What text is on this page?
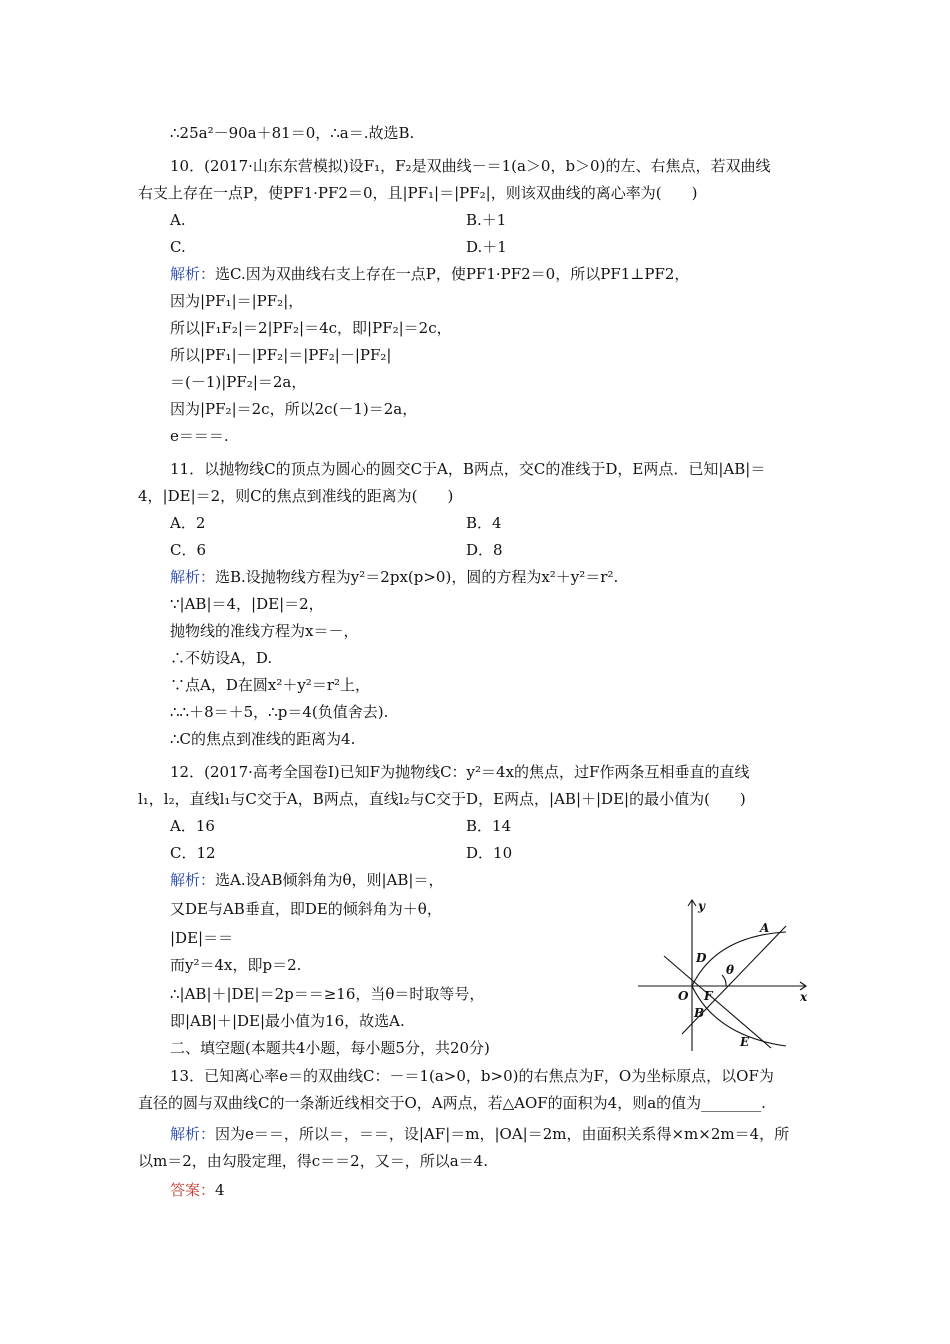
∴25a²－90a＋81＝0，∴a＝.故选B.
10．(2017·山东东营模拟)设F₁，F₂是双曲线－＝1(a＞0，b＞0)的左、右焦点，若双曲线
右支上存在一点P，使PF1·PF2＝0，且|PF₁|＝|PF₂|，则该双曲线的离心率为(　　)
A.	B.＋1
C.	D.＋1
解析：选C.因为双曲线右支上存在一点P，使PF1·PF2＝0，所以PF1⊥PF2，
因为|PF₁|＝|PF₂|，
所以|F₁F₂|＝2|PF₂|＝4c，即|PF₂|＝2c，
所以|PF₁|－|PF₂|＝|PF₂|－|PF₂|
＝(－1)|PF₂|＝2a，
因为|PF₂|＝2c，所以2c(－1)＝2a，
e＝＝＝.
11．以抛物线C的顶点为圆心的圆交C于A，B两点，交C的准线于D，E两点．已知|AB|＝
4，|DE|＝2，则C的焦点到准线的距离为(　　)
A．2	B．4
C．6	D．8
解析：选B.设抛物线方程为y²＝2px(p>0)，圆的方程为x²＋y²＝r².
∵|AB|＝4，|DE|＝2，
抛物线的准线方程为x＝－，
∴不妨设A，D.
∵点A，D在圆x²＋y²＝r²上，
∴∴＋8＝＋5，∴p＝4(负值舍去).
∴C的焦点到准线的距离为4.
12．(2017·高考全国卷Ⅰ)已知F为抛物线C：y²＝4x的焦点，过F作两条互相垂直的直线
l₁，l₂，直线l₁与C交于A，B两点，直线l₂与C交于D，E两点，|AB|＋|DE|的最小值为(　　)
A．16	B．14
C．12	D．10
解析：选A.设AB倾斜角为θ，则|AB|＝，
又DE与AB垂直，即DE的倾斜角为＋θ，
|DE|＝＝
而y²＝4x，即p＝2.
∴|AB|＋|DE|＝2p＝＝≥16，当θ＝时取等号，
即|AB|＋|DE|最小值为16，故选A.
二、填空题(本题共4小题，每小题5分，共20分)
13．已知离心率e＝的双曲线C：－＝1(a>0，b>0)的右焦点为F，O为坐标原点，以OF为
直径的圆与双曲线C的一条渐近线相交于O，A两点，若△AOF的面积为4，则a的值为________.
解析：因为e＝＝，所以＝，＝＝，设|AF|＝m，|OA|＝2m，由面积关系得×m×2m＝4，所
以m＝2，由勾股定理，得c＝＝2，又＝，所以a＝4.
答案：4
y
x
O F
A
B
D
E
θ
